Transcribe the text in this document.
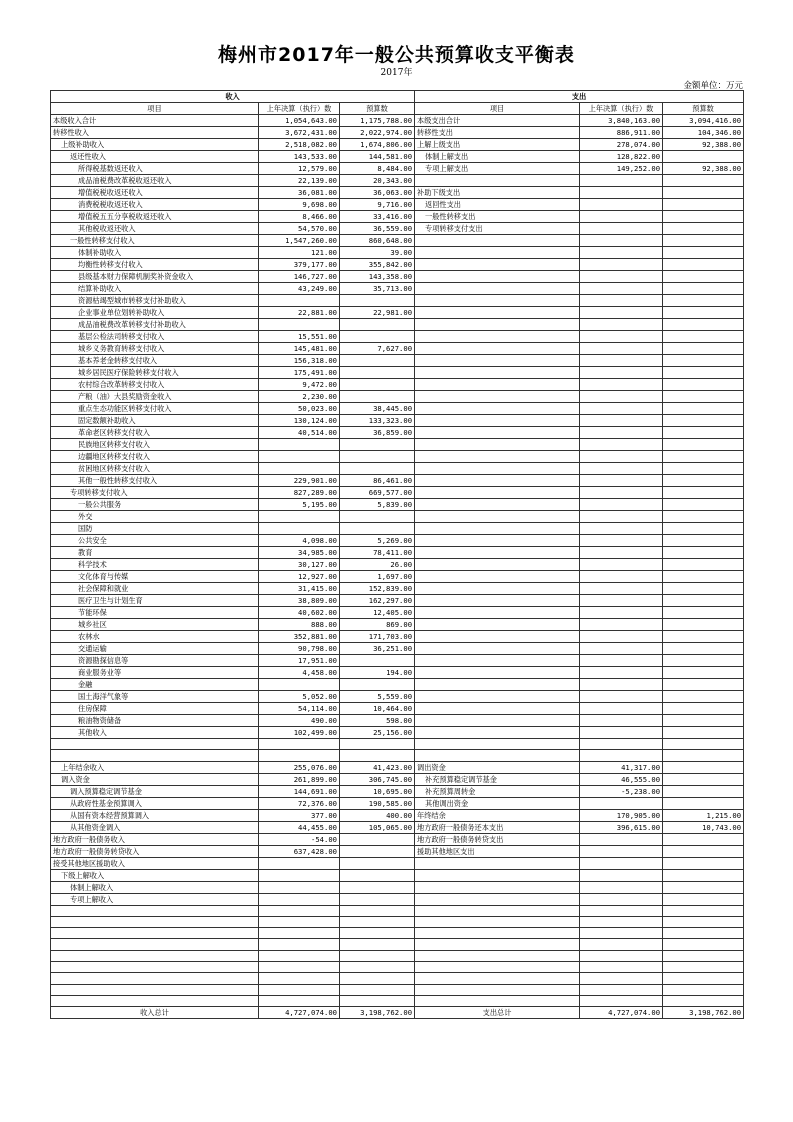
梅州市2017年一般公共预算收支平衡表
2017年
金额单位：万元
收入			支出		
项目	上年决算（执行）数	预算数	项目	上年决算（执行）数	预算数
本级收入合计	1,054,643.00	1,175,788.00	本级支出合计	3,840,163.00	3,094,416.00
转移性收入	3,672,431.00	2,022,974.00	转移性支出	886,911.00	104,346.00
上级补助收入	2,518,082.00	1,674,806.00	上解上级支出	278,074.00	92,388.00
返还性收入	143,533.00	144,581.00	体制上解支出	128,822.00	
所得税基数返还收入	12,579.00	8,484.00	专项上解支出	149,252.00	92,388.00
成品油税费改革税收返还收入	22,139.00	20,343.00			
增值税税收返还收入	36,081.00	36,063.00	补助下级支出		
消费税税收返还收入	9,698.00	9,716.00	返回性支出		
增值税五五分享税收返还收入	8,466.00	33,416.00	一般性转移支出		
其他税收返还收入	54,570.00	36,559.00	专项转移支付支出		
一般性转移支付收入	1,547,260.00	860,648.00			
体制补助收入	121.00	39.00			
均衡性转移支付收入	379,177.00	355,842.00			
县级基本财力保障机制奖补资金收入	146,727.00	143,358.00			
结算补助收入	43,249.00	35,713.00			
资源枯竭型城市转移支付补助收入					
企业事业单位划转补助收入	22,881.00	22,981.00			
成品油税费改革转移支付补助收入					
基层公检法司转移支付收入	15,551.00				
城乡义务教育转移支付收入	145,481.00	7,627.00			
基本养老金转移支付收入	156,318.00				
城乡居民医疗保险转移支付收入	175,491.00				
农村综合改革转移支付收入	9,472.00				
产粮（油）大县奖励资金收入	2,230.00				
重点生态功能区转移支付收入	50,023.00	38,445.00			
固定数额补助收入	130,124.00	133,323.00			
革命老区转移支付收入	40,514.00	36,859.00			
民族地区转移支付收入					
边疆地区转移支付收入					
贫困地区转移支付收入					
其他一般性转移支付收入	229,901.00	86,461.00			
专项转移支付收入	827,289.00	669,577.00			
一般公共服务	5,195.00	5,839.00			
外交					
国防					
公共安全	4,098.00	5,269.00			
教育	34,985.00	78,411.00			
科学技术	30,127.00	26.00			
文化体育与传媒	12,927.00	1,697.00			
社会保障和就业	31,415.00	152,839.00			
医疗卫生与计划生育	38,809.00	162,297.00			
节能环保	40,602.00	12,405.00			
城乡社区	888.00	869.00			
农林水	352,881.00	171,703.00			
交通运输	90,798.00	36,251.00			
资源勘探信息等	17,951.00				
商业服务业等	4,458.00	194.00			
金融					
国土海洋气象等	5,052.00	5,559.00			
住房保障	54,114.00	10,464.00			
粮油物资储备	490.00	598.00			
其他收入	102,499.00	25,156.00			

上年结余收入	255,076.00	41,423.00	调出资金	41,317.00	
调入资金	261,899.00	306,745.00	补充预算稳定调节基金	46,555.00	
调入预算稳定调节基金	144,691.00	10,695.00	补充预算周转金	-5,238.00	
从政府性基金预算调入	72,376.00	190,585.00	其他调出资金		
从国有资本经营预算调入	377.00	400.00	年终结余	170,905.00	1,215.00
从其他资金调入	44,455.00	105,065.00	地方政府一般债务还本支出	396,615.00	10,743.00
地方政府一般债务收入	-54.00		地方政府一般债务转贷支出		
地方政府一般债务转贷收入	637,428.00		援助其他地区支出		
接受其他地区援助收入					
下级上解收入					
体制上解收入					
专项上解收入					

收入总计	4,727,074.00	3,198,762.00	支出总计	4,727,074.00	3,198,762.00
